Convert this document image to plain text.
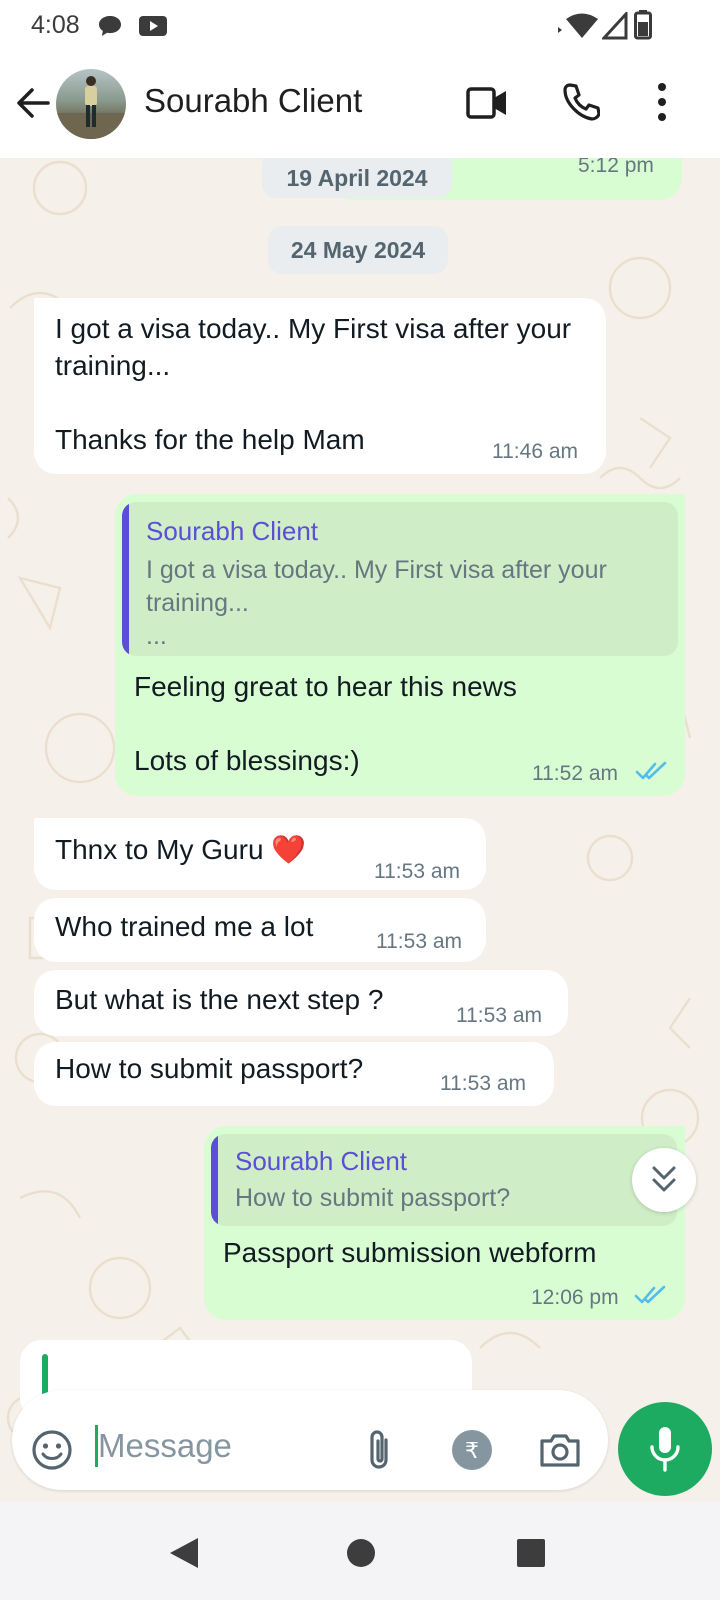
4:08
Sourabh Client
5:12 pm
19 April 2024
24 May 2024
I got a visa today.. My First visa after your training...

Thanks for the help Mam	11:46 am
Sourabh Client
I got a visa today.. My First visa after your
training...
...
Feeling great to hear this news

Lots of blessings:)	11:52 am
Thnx to My Guru ❤️
11:53 am
Who trained me a lot	11:53 am
But what is the next step ?
11:53 am
How to submit passport?	11:53 am
Sourabh Client
How to submit passport?
Passport submission webform
12:06 pm
Message	₹
